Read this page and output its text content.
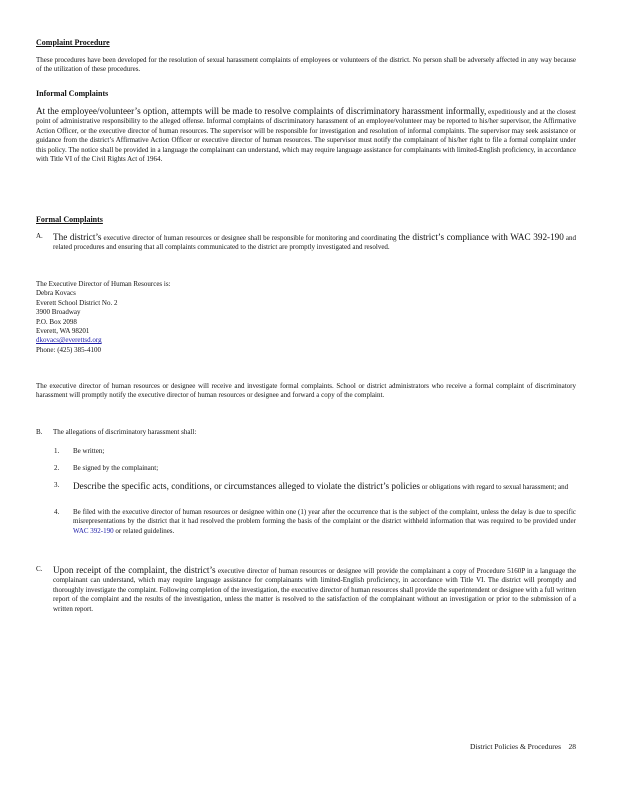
Complaint Procedure

These procedures have been developed for the resolution of sexual harassment complaints of employees or volunteers of the district. No person shall be adversely affected in any way because of the utilization of these procedures.

Informal Complaints

At the employee/volunteer’s option, attempts will be made to resolve complaints of discriminatory harassment informally, expeditiously and at the closest point of administrative responsibility to the alleged offense. Informal complaints of discriminatory harassment of an employee/volunteer may be reported to his/her supervisor, the Affirmative Action Officer, or the executive director of human resources. The supervisor will be responsible for investigation and resolution of informal complaints. The supervisor may seek assistance or guidance from the district’s Affirmative Action Officer or executive director of human resources. The supervisor must notify the complainant of his/her right to file a formal complaint under this policy. The notice shall be provided in a language the complainant can understand, which may require language assistance for complainants with limited-English proficiency, in accordance with Title VI of the Civil Rights Act of 1964.

Formal Complaints
A.	The district’s executive director of human resources or designee shall be responsible for monitoring and coordinating the district’s compliance with WAC 392-190 and related procedures and ensuring that all complaints communicated to the district are promptly investigated and resolved.

The Executive Director of Human Resources is:
Debra Kovacs
Everett School District No. 2
3900 Broadway
P.O. Box 2098
Everett, WA 98201
dkovacs@everettsd.org
Phone: (425) 385-4100

The executive director of human resources or designee will receive and investigate formal complaints. School or district administrators who receive a formal complaint of discriminatory harassment will promptly notify the executive director of human resources or designee and forward a copy of the complaint.

B.	The allegations of discriminatory harassment shall:

1.	Be written;

2.	Be signed by the complainant;

3.	Describe the specific acts, conditions, or circumstances alleged to violate the district’s policies or obligations with regard to sexual harassment; and

4.	Be filed with the executive director of human resources or designee within one (1) year after the occurrence that is the subject of the complaint, unless the delay is due to specific misrepresentations by the district that it had resolved the problem forming the basis of the complaint or the district withheld information that was required to be provided under WAC 392-190 or related guidelines.

C.	Upon receipt of the complaint, the district’s executive director of human resources or designee will provide the complainant a copy of Procedure 5160P in a language the complainant can understand, which may require language assistance for complainants with limited-English proficiency, in accordance with Title VI. The district will promptly and thoroughly investigate the complaint. Following completion of the investigation, the executive director of human resources shall provide the superintendent or designee with a full written report of the complaint and the results of the investigation, unless the matter is resolved to the satisfaction of the complainant without an investigation or prior to the submission of a written report.

District Policies & Procedures 28
